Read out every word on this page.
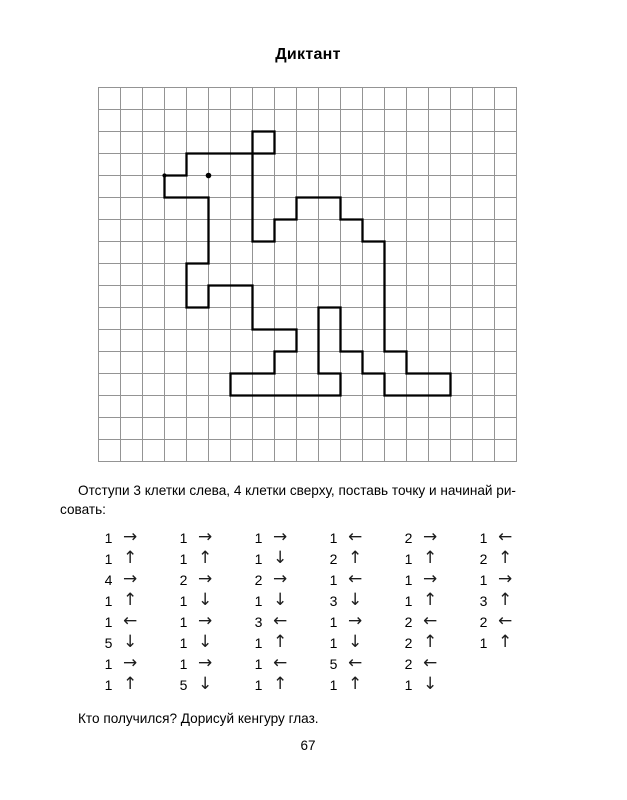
Диктант

Отступи 3 клетки слева, 4 клетки сверху, поставь точку и начинай ри-
совать:

1 →
1 ↑
4 →
1 ↑
1 ←
5 ↓
1 →
1 ↑
1 →
1 ↑
2 →
1 ↓
1 →
1 ↓
1 →
5 ↓
1 →
1 ↓
2 →
1 ↓
3 ←
1 ↑
1 ←
1 ↑
1 ←
2 ↑
1 ←
3 ↓
1 →
1 ↓
5 ←
1 ↑
2 →
1 ↑
1 →
1 ↑
2 ←
2 ↑
2 ←
1 ↓
1 ←
2 ↑
1 →
3 ↑
2 ←
1 ↑

Кто получился? Дорисуй кенгуру глаз.

67
